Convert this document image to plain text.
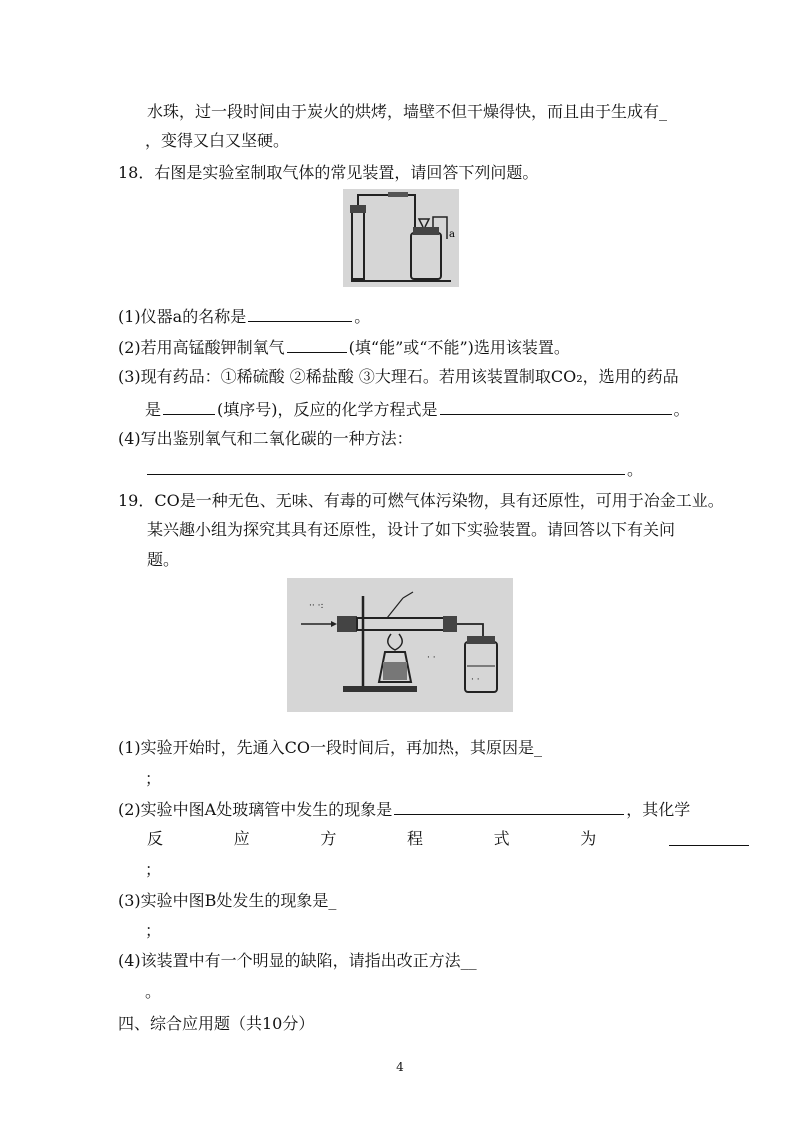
水珠，过一段时间由于炭火的烘烤，墙壁不但干燥得快，而且由于生成有_
，变得又白又坚硬。
18．右图是实验室制取气体的常见装置，请回答下列问题。
a
(1)仪器a的名称是	。
(2)若用高锰酸钾制氧气	(填“能”或“不能”)选用该装置。
(3)现有药品：①稀硫酸 ②稀盐酸 ③大理石。若用该装置制取CO₂，选用的药品
是	(填序号)，反应的化学方程式是	。
(4)写出鉴别氧气和二氧化碳的一种方法：
。
19．CO是一种无色、无味、有毒的可燃气体污染物，具有还原性，可用于冶金工业。
某兴趣小组为探究其具有还原性，设计了如下实验装置。请回答以下有关问
题。
·· ·:
· ·
· ·
(1)实验开始时，先通入CO一段时间后，再加热，其原因是_
；
(2)实验中图A处玻璃管中发生的现象是	，其化学
反	应	方	程	式	为
；
(3)实验中图B处发生的现象是_
；
(4)该装置中有一个明显的缺陷，请指出改正方法__
。
四、综合应用题（共10分）
4
